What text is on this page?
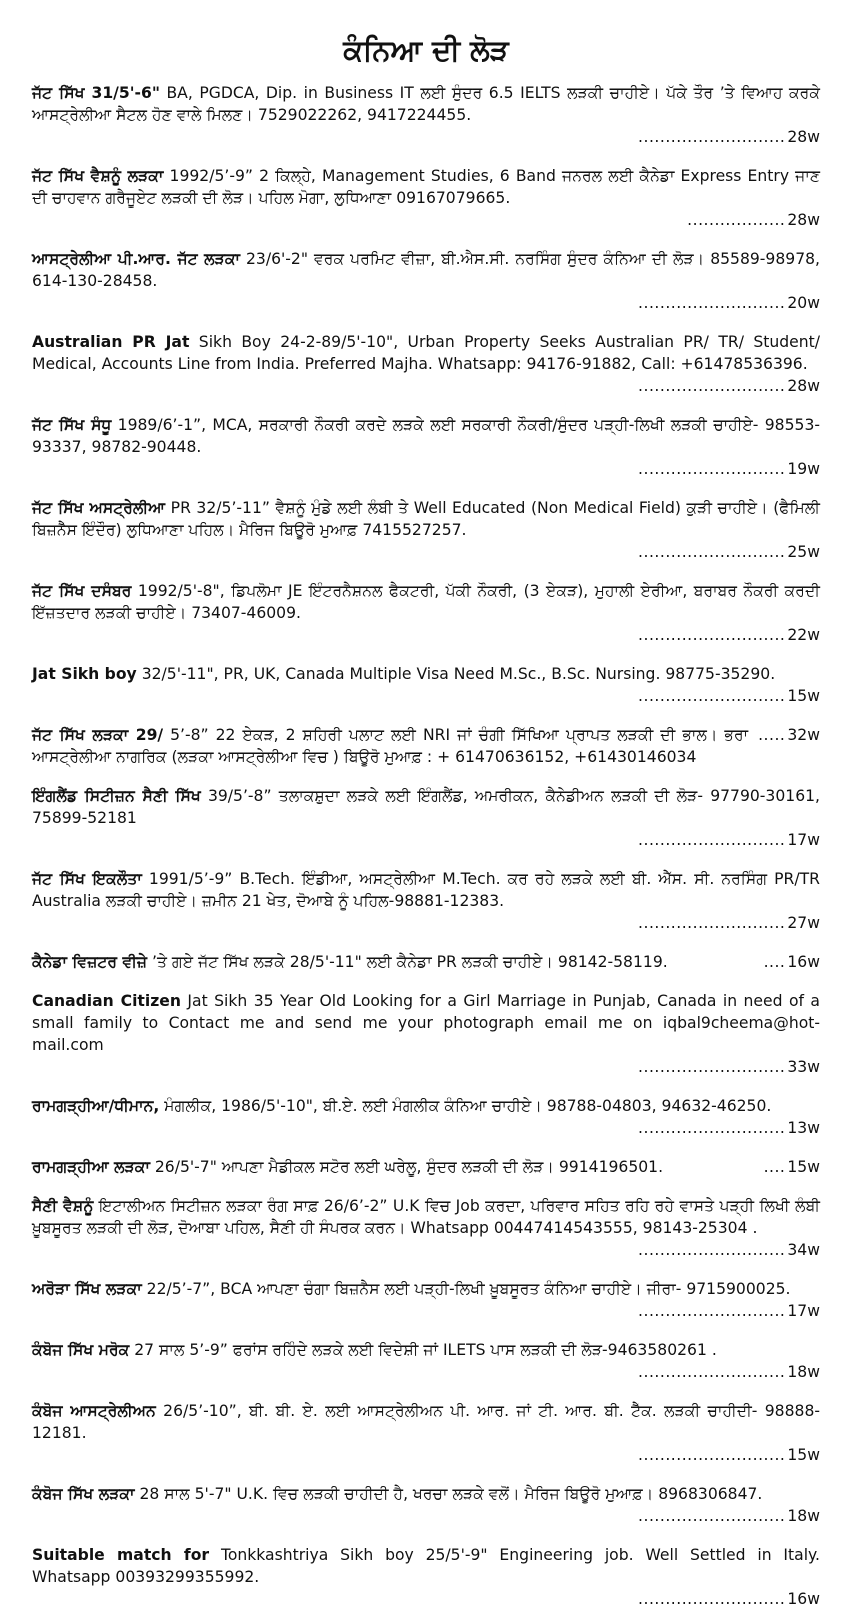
ਕੰਨਿਆ ਦੀ ਲੋੜ
ਜੱਟ ਸਿੱਖ 31/5'-6" BA, PGDCA, Dip. in Business IT ਲਈ ਸੁੰਦਰ 6.5 IELTS ਲੜਕੀ ਚਾਹੀਏ। ਪੱਕੇ ਤੌਰ ’ਤੇ ਵਿਆਹ ਕਰਕੇ ਆਸਟ੍ਰੇਲੀਆ ਸੈਟਲ ਹੋਣ ਵਾਲੇ ਮਿਲਣ। 7529022262, 9417224455.
........................... 28w
ਜੱਟ ਸਿੱਖ ਵੈਸ਼ਨੂੰ ਲੜਕਾ 1992/5’-9” 2 ਕਿਲ੍ਹੇ, Management Studies, 6 Band ਜਨਰਲ ਲਈ ਕੈਨੇਡਾ Express Entry ਜਾਣ ਦੀ ਚਾਹਵਾਨ ਗਰੈਜੂਏਟ ਲੜਕੀ ਦੀ ਲੋੜ। ਪਹਿਲ ਮੋਗਾ, ਲੁਧਿਆਣਾ 09167079665.
.................. 28w
ਆਸਟ੍ਰੇਲੀਆ ਪੀ.ਆਰ. ਜੱਟ ਲੜਕਾ 23/6'-2" ਵਰਕ ਪਰਮਿਟ ਵੀਜ਼ਾ, ਬੀ.ਐਸ.ਸੀ. ਨਰਸਿੰਗ ਸੁੰਦਰ ਕੰਨਿਆ ਦੀ ਲੋੜ। 85589-98978, 614-130-28458.
........................... 20w
Australian PR Jat Sikh Boy 24-2-89/5'-10", Urban Property Seeks Australian PR/ TR/ Student/ Medical, Accounts Line from India. Preferred Majha. Whatsapp: 94176-91882, Call: +61478536396.
........................... 28w
ਜੱਟ ਸਿੱਖ ਸੰਧੂ 1989/6’-1”, MCA, ਸਰਕਾਰੀ ਨੌਕਰੀ ਕਰਦੇ ਲੜਕੇ ਲਈ ਸਰਕਾਰੀ ਨੌਕਰੀ/ਸੁੰਦਰ ਪੜ੍ਹੀ-ਲਿਖੀ ਲੜਕੀ ਚਾਹੀਏ- 98553-93337, 98782-90448.
........................... 19w
ਜੱਟ ਸਿੱਖ ਅਸਟ੍ਰੇਲੀਆ PR 32/5’-11” ਵੈਸ਼ਨੂੰ ਮੁੰਡੇ ਲਈ ਲੰਬੀ ਤੇ Well Educated (Non Medical Field) ਕੁੜੀ ਚਾਹੀਏ। (ਫੈਮਿਲੀ ਬਿਜ਼ਨੈੱਸ ਇੰਦੌਰ) ਲੁਧਿਆਣਾ ਪਹਿਲ। ਮੈਰਿਜ ਬਿਊਰੋ ਮੁਆਫ਼ 7415527257.
........................... 25w
ਜੱਟ ਸਿੱਖ ਦਸੰਬਰ 1992/5'-8", ਡਿਪਲੋਮਾ JE ਇੰਟਰਨੈਸ਼ਨਲ ਫੈਕਟਰੀ, ਪੱਕੀ ਨੌਕਰੀ, (3 ਏਕੜ), ਮੁਹਾਲੀ ਏਰੀਆ, ਬਰਾਬਰ ਨੌਕਰੀ ਕਰਦੀ ਇੱਜ਼ਤਦਾਰ ਲੜਕੀ ਚਾਹੀਏ। 73407-46009.
........................... 22w
Jat Sikh boy 32/5'-11", PR, UK, Canada Multiple Visa Need M.Sc., B.Sc. Nursing. 98775-35290.
........................... 15w
..... 32w
ਜੱਟ ਸਿੱਖ ਲੜਕਾ 29/ 5’-8” 22 ਏਕੜ, 2 ਸ਼ਹਿਰੀ ਪਲਾਟ ਲਈ NRI ਜਾਂ ਚੰਗੀ ਸਿੱਖਿਆ ਪ੍ਰਾਪਤ ਲੜਕੀ ਦੀ ਭਾਲ। ਭਰਾ ਆਸਟ੍ਰੇਲੀਆ ਨਾਗਰਿਕ (ਲੜਕਾ ਆਸਟ੍ਰੇਲੀਆ ਵਿਚ ) ਬਿਊਰੋ ਮੁਆਫ਼ : + 61470636152, +61430146034
ਇੰਗਲੈਂਡ ਸਿਟੀਜ਼ਨ ਸੈਣੀ ਸਿੱਖ 39/5’-8” ਤਲਾਕਸ਼ੁਦਾ ਲੜਕੇ ਲਈ ਇੰਗਲੈਂਡ, ਅਮਰੀਕਨ, ਕੈਨੇਡੀਅਨ ਲੜਕੀ ਦੀ ਲੋੜ- 97790-30161, 75899-52181
........................... 17w
ਜੱਟ ਸਿੱਖ ਇਕਲੌਤਾ 1991/5’-9” B.Tech. ਇੰਡੀਆ, ਅਸਟ੍ਰੇਲੀਆ M.Tech. ਕਰ ਰਹੇ ਲੜਕੇ ਲਈ ਬੀ. ਐੱਸ. ਸੀ. ਨਰਸਿੰਗ PR/TR Australia ਲੜਕੀ ਚਾਹੀਏ। ਜ਼ਮੀਨ 21 ਖੇਤ, ਦੋਆਬੇ ਨੂੰ ਪਹਿਲ-98881-12383.
........................... 27w
.... 16w
ਕੈਨੇਡਾ ਵਿਜ਼ਟਰ ਵੀਜ਼ੇ ’ਤੇ ਗਏ ਜੱਟ ਸਿੱਖ ਲੜਕੇ 28/5'-11" ਲਈ ਕੈਨੇਡਾ PR ਲੜਕੀ ਚਾਹੀਏ। 98142-58119.
Canadian Citizen Jat Sikh 35 Year Old Looking for a Girl Marriage in Punjab, Canada in need of a small family to Contact me and send me your photograph email me on iqbal9cheema@hot-mail.com
........................... 33w
ਰਾਮਗੜ੍ਹੀਆ/ਧੀਮਾਨ, ਮੰਗਲੀਕ, 1986/5'-10", ਬੀ.ਏ. ਲਈ ਮੰਗਲੀਕ ਕੰਨਿਆ ਚਾਹੀਏ। 98788-04803, 94632-46250.
........................... 13w
.... 15w
ਰਾਮਗੜ੍ਹੀਆ ਲੜਕਾ 26/5'-7" ਆਪਣਾ ਮੈਡੀਕਲ ਸਟੋਰ ਲਈ ਘਰੇਲੂ, ਸੁੰਦਰ ਲੜਕੀ ਦੀ ਲੋੜ। 9914196501.
ਸੈਣੀ ਵੈਸ਼ਨੂੰ ਇਟਾਲੀਅਨ ਸਿਟੀਜ਼ਨ ਲੜਕਾ ਰੰਗ ਸਾਫ਼ 26/6’-2” U.K ਵਿਚ Job ਕਰਦਾ, ਪਰਿਵਾਰ ਸਹਿਤ ਰਹਿ ਰਹੇ ਵਾਸਤੇ ਪੜ੍ਹੀ ਲਿਖੀ ਲੰਬੀ ਖ਼ੂਬਸੂਰਤ ਲੜਕੀ ਦੀ ਲੋੜ, ਦੋਆਬਾ ਪਹਿਲ, ਸੈਣੀ ਹੀ ਸੰਪਰਕ ਕਰਨ। Whatsapp 00447414543555, 98143-25304 .
........................... 34w
ਅਰੋੜਾ ਸਿੱਖ ਲੜਕਾ 22/5’-7”, BCA ਆਪਣਾ ਚੰਗਾ ਬਿਜ਼ਨੈਸ ਲਈ ਪੜ੍ਹੀ-ਲਿਖੀ ਖ਼ੂਬਸੂਰਤ ਕੰਨਿਆ ਚਾਹੀਏ। ਜੀਰਾ- 9715900025.
........................... 17w
ਕੰਬੋਜ ਸਿੱਖ ਮਰੋਕ 27 ਸਾਲ 5’-9” ਫਰਾਂਸ ਰਹਿੰਦੇ ਲੜਕੇ ਲਈ ਵਿਦੇਸ਼ੀ ਜਾਂ ILETS ਪਾਸ ਲੜਕੀ ਦੀ ਲੋੜ-9463580261 .
........................... 18w
ਕੰਬੋਜ ਆਸਟ੍ਰੇਲੀਅਨ 26/5’-10”, ਬੀ. ਬੀ. ਏ. ਲਈ ਆਸਟ੍ਰੇਲੀਅਨ ਪੀ. ਆਰ. ਜਾਂ ਟੀ. ਆਰ. ਬੀ. ਟੈੱਕ. ਲੜਕੀ ਚਾਹੀਦੀ- 98888-12181.
........................... 15w
ਕੰਬੋਜ ਸਿੱਖ ਲੜਕਾ 28 ਸਾਲ 5'-7" U.K. ਵਿਚ ਲੜਕੀ ਚਾਹੀਦੀ ਹੈ, ਖਰਚਾ ਲੜਕੇ ਵਲੋਂ। ਮੈਰਿਜ ਬਿਊਰੋ ਮੁਆਫ਼। 8968306847.
........................... 18w
Suitable match for Tonkkashtriya Sikh boy 25/5'-9" Engineering job. Well Settled in Italy. Whatsapp 00393299355992.
........................... 16w
